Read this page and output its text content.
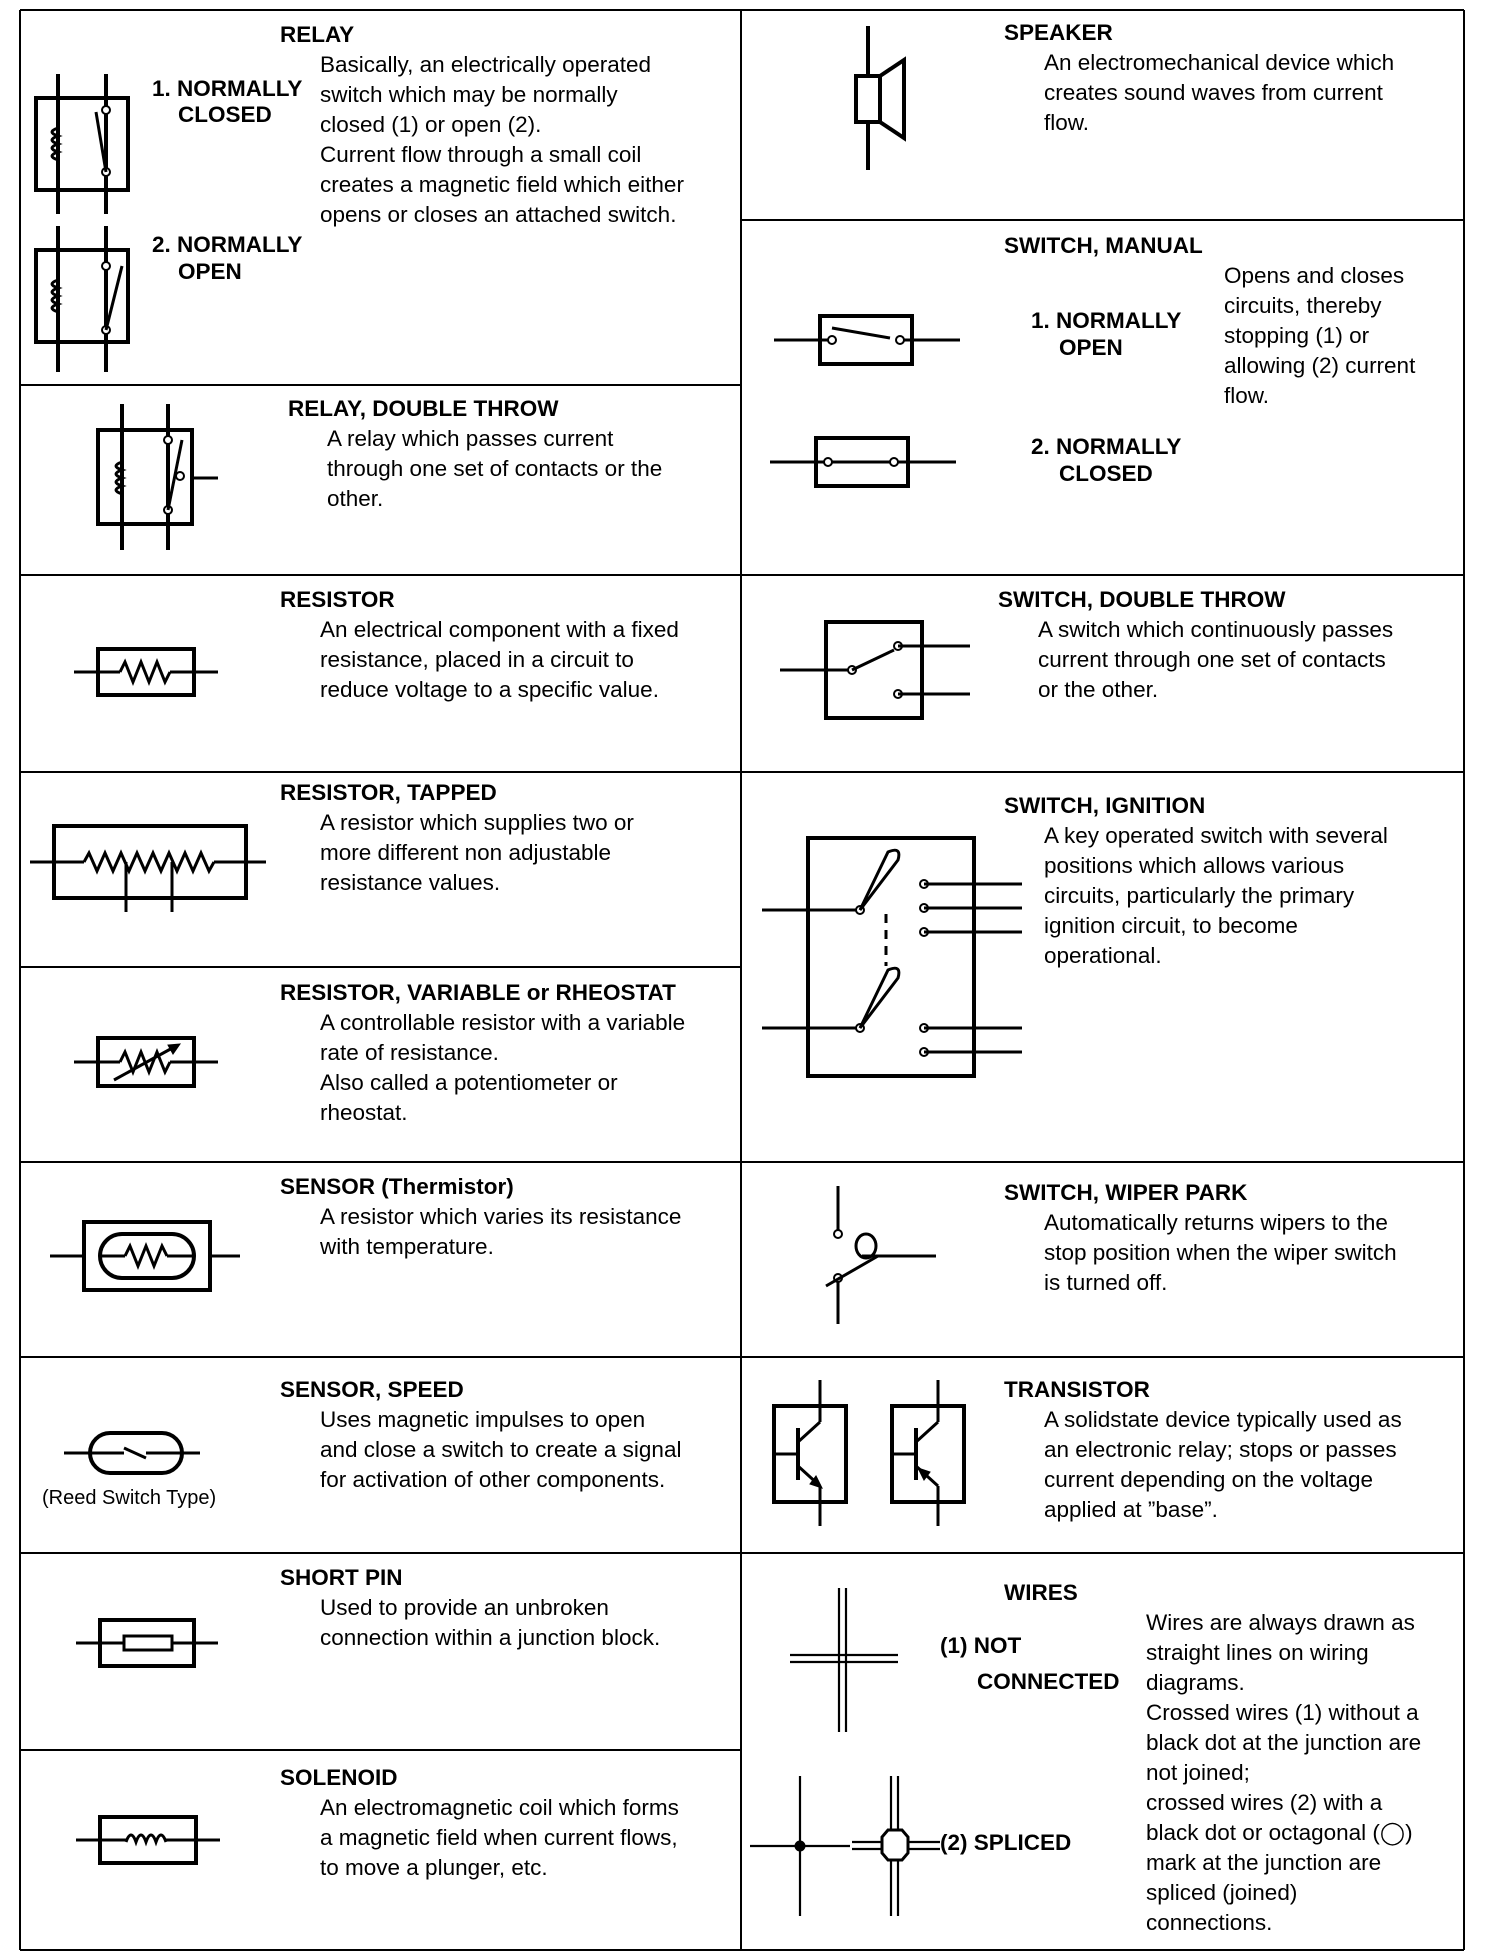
RELAY
1. NORMALLY
CLOSED
2. NORMALLY
OPEN
Basically, an electrically operated
switch which may be normally
closed (1) or open (2).
Current flow through a small coil
creates a magnetic field which either
opens or closes an attached switch.
RELAY, DOUBLE THROW
A relay which passes current
through one set of contacts or the
other.
RESISTOR
An electrical component with a fixed
resistance, placed in a circuit to
reduce voltage to a specific value.
RESISTOR, TAPPED
A resistor which supplies two or
more different non adjustable
resistance values.
RESISTOR, VARIABLE or RHEOSTAT
A controllable resistor with a variable
rate of resistance.
Also called a potentiometer or
rheostat.
SENSOR (Thermistor)
A resistor which varies its resistance
with temperature.
(Reed Switch Type)
SENSOR, SPEED
Uses magnetic impulses to open
and close a switch to create a signal
for activation of other components.
SHORT PIN
Used to provide an unbroken
connection within a junction block.
SOLENOID
An electromagnetic coil which forms
a magnetic field when current flows,
to move a plunger, etc.
SPEAKER
An electromechanical device which
creates sound waves from current
flow.
SWITCH, MANUAL
1. NORMALLY
OPEN
2. NORMALLY
CLOSED
Opens and closes
circuits, thereby
stopping (1) or
allowing (2) current
flow.
SWITCH, DOUBLE THROW
A switch which continuously passes
current through one set of contacts
or the other.
SWITCH, IGNITION
A key operated switch with several
positions which allows various
circuits, particularly the primary
ignition circuit, to become
operational.
SWITCH, WIPER PARK
Automatically returns wipers to the
stop position when the wiper switch
is turned off.
TRANSISTOR
A solidstate device typically used as
an electronic relay; stops or passes
current depending on the voltage
applied at ”base”.
WIRES
(1) NOT
CONNECTED
(2) SPLICED
Wires are always drawn as
straight lines on wiring
diagrams.
Crossed wires (1) without a
black dot at the junction are
not joined;
crossed wires (2) with a
black dot or octagonal (◯)
mark at the junction are
spliced (joined)
connections.
